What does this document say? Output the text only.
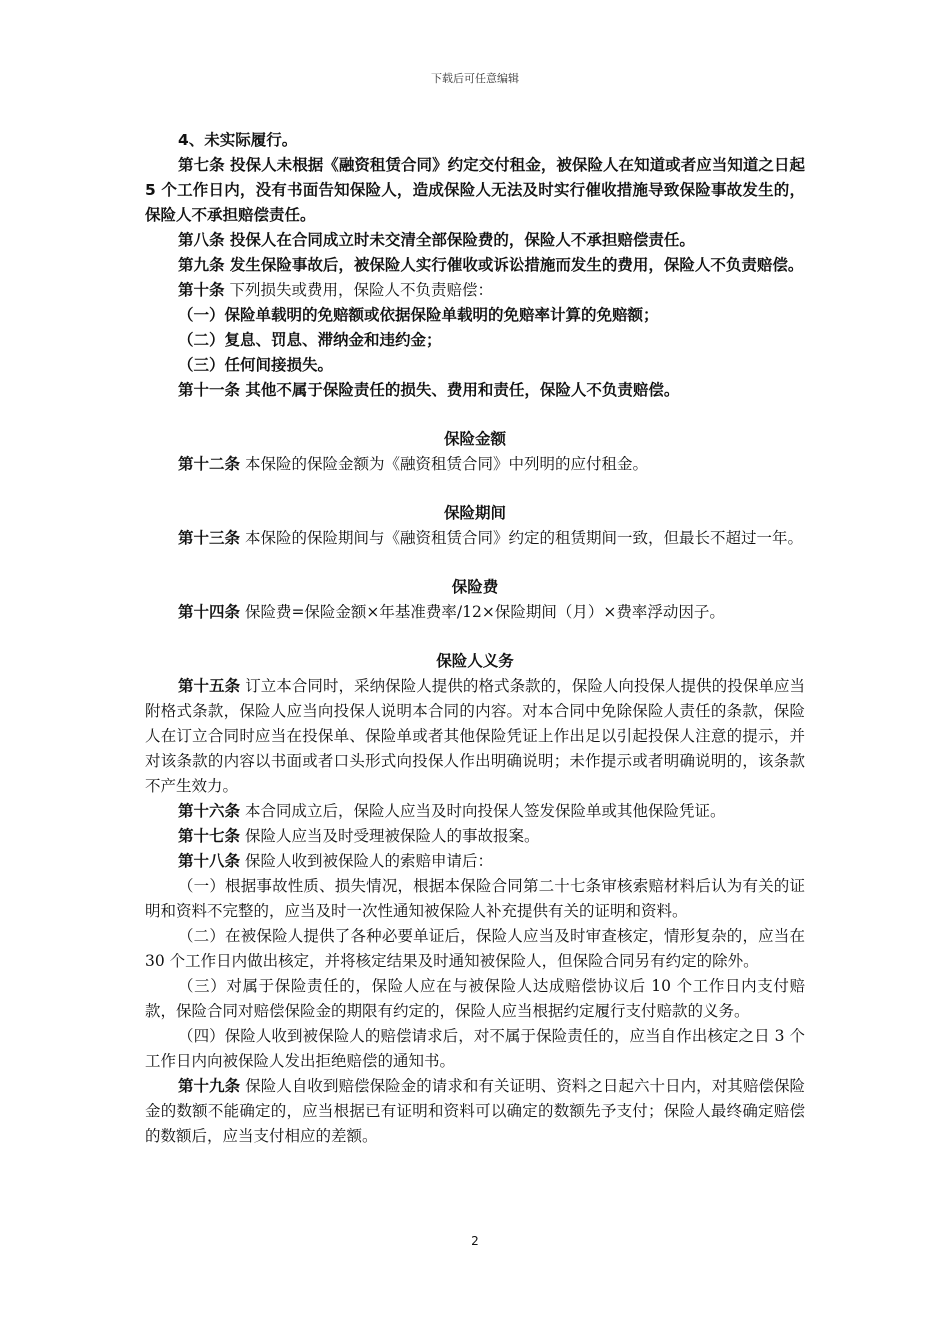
下载后可任意编辑

4、未实际履行。

第七条 投保人未根据《融资租赁合同》约定交付租金，被保险人在知道或者应当知道之日起 5 个工作日内，没有书面告知保险人，造成保险人无法及时实行催收措施导致保险事故发生的，保险人不承担赔偿责任。

第八条 投保人在合同成立时未交清全部保险费的，保险人不承担赔偿责任。

第九条 发生保险事故后，被保险人实行催收或诉讼措施而发生的费用，保险人不负责赔偿。

第十条 下列损失或费用，保险人不负责赔偿：

（一）保险单载明的免赔额或依据保险单载明的免赔率计算的免赔额；

（二）复息、罚息、滞纳金和违约金；

（三）任何间接损失。

第十一条 其他不属于保险责任的损失、费用和责任，保险人不负责赔偿。

保险金额

第十二条 本保险的保险金额为《融资租赁合同》中列明的应付租金。

保险期间

第十三条 本保险的保险期间与《融资租赁合同》约定的租赁期间一致，但最长不超过一年。

保险费

第十四条 保险费=保险金额×年基准费率/12×保险期间（月）×费率浮动因子。

保险人义务

第十五条 订立本合同时，采纳保险人提供的格式条款的，保险人向投保人提供的投保单应当附格式条款，保险人应当向投保人说明本合同的内容。对本合同中免除保险人责任的条款，保险人在订立合同时应当在投保单、保险单或者其他保险凭证上作出足以引起投保人注意的提示，并对该条款的内容以书面或者口头形式向投保人作出明确说明；未作提示或者明确说明的，该条款不产生效力。

第十六条 本合同成立后，保险人应当及时向投保人签发保险单或其他保险凭证。

第十七条 保险人应当及时受理被保险人的事故报案。

第十八条 保险人收到被保险人的索赔申请后：

（一）根据事故性质、损失情况，根据本保险合同第二十七条审核索赔材料后认为有关的证明和资料不完整的，应当及时一次性通知被保险人补充提供有关的证明和资料。

（二）在被保险人提供了各种必要单证后，保险人应当及时审查核定，情形复杂的，应当在 30 个工作日内做出核定，并将核定结果及时通知被保险人，但保险合同另有约定的除外。

（三）对属于保险责任的，保险人应在与被保险人达成赔偿协议后 10 个工作日内支付赔款，保险合同对赔偿保险金的期限有约定的，保险人应当根据约定履行支付赔款的义务。

（四）保险人收到被保险人的赔偿请求后，对不属于保险责任的，应当自作出核定之日 3 个工作日内向被保险人发出拒绝赔偿的通知书。

第十九条 保险人自收到赔偿保险金的请求和有关证明、资料之日起六十日内，对其赔偿保险金的数额不能确定的，应当根据已有证明和资料可以确定的数额先予支付；保险人最终确定赔偿的数额后，应当支付相应的差额。

2
